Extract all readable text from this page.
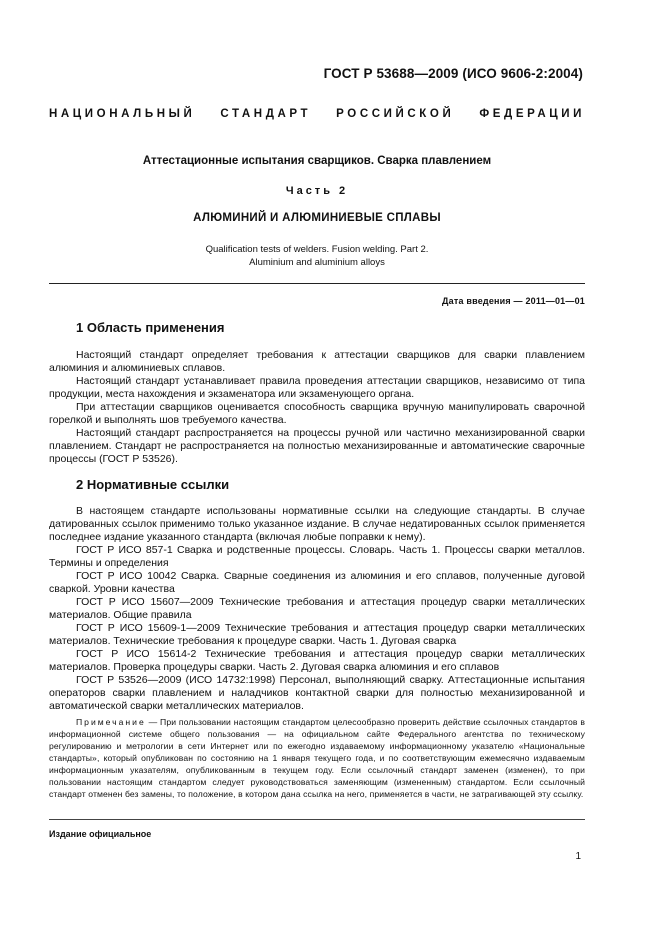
ГОСТ Р 53688—2009 (ИСО 9606-2:2004)
НАЦИОНАЛЬНЫЙ СТАНДАРТ РОССИЙСКОЙ ФЕДЕРАЦИИ
Аттестационные испытания сварщиков. Сварка плавлением
Часть 2
АЛЮМИНИЙ И АЛЮМИНИЕВЫЕ СПЛАВЫ
Qualification tests of welders. Fusion welding. Part 2.
Aluminium and aluminium alloys
Дата введения — 2011—01—01
1 Область применения

Настоящий стандарт определяет требования к аттестации сварщиков для сварки плавлением алюминия и алюминиевых сплавов.

Настоящий стандарт устанавливает правила проведения аттестации сварщиков, независимо от типа продукции, места нахождения и экзаменатора или экзаменующего органа.

При аттестации сварщиков оценивается способность сварщика вручную манипулировать сварочной горелкой и выполнять шов требуемого качества.

Настоящий стандарт распространяется на процессы ручной или частично механизированной сварки плавлением. Стандарт не распространяется на полностью механизированные и автоматические сварочные процессы (ГОСТ Р 53526).

2 Нормативные ссылки

В настоящем стандарте использованы нормативные ссылки на следующие стандарты. В случае датированных ссылок применимо только указанное издание. В случае недатированных ссылок применяется последнее издание указанного стандарта (включая любые поправки к нему).

ГОСТ Р ИСО 857-1 Сварка и родственные процессы. Словарь. Часть 1. Процессы сварки металлов. Термины и определения

ГОСТ Р ИСО 10042 Сварка. Сварные соединения из алюминия и его сплавов, полученные дуговой сваркой. Уровни качества

ГОСТ Р ИСО 15607—2009 Технические требования и аттестация процедур сварки металлических материалов. Общие правила

ГОСТ Р ИСО 15609-1—2009 Технические требования и аттестация процедур сварки металлических материалов. Технические требования к процедуре сварки. Часть 1. Дуговая сварка

ГОСТ Р ИСО 15614-2 Технические требования и аттестация процедур сварки металлических материалов. Проверка процедуры сварки. Часть 2. Дуговая сварка алюминия и его сплавов

ГОСТ Р 53526—2009 (ИСО 14732:1998) Персонал, выполняющий сварку. Аттестационные испытания операторов сварки плавлением и наладчиков контактной сварки для полностью механизированной и автоматической сварки металлических материалов.

Примечание — При пользовании настоящим стандартом целесообразно проверить действие ссылочных стандартов в информационной системе общего пользования — на официальном сайте Федерального агентства по техническому регулированию и метрологии в сети Интернет или по ежегодно издаваемому информационному указателю «Национальные стандарты», который опубликован по состоянию на 1 января текущего года, и по соответствующим ежемесячно издаваемым информационным указателям, опубликованным в текущем году. Если ссылочный стандарт заменен (изменен), то при пользовании настоящим стандартом следует руководствоваться заменяющим (измененным) стандартом. Если ссылочный стандарт отменен без замены, то положение, в котором дана ссылка на него, применяется в части, не затрагивающей эту ссылку.
Издание официальное
1
